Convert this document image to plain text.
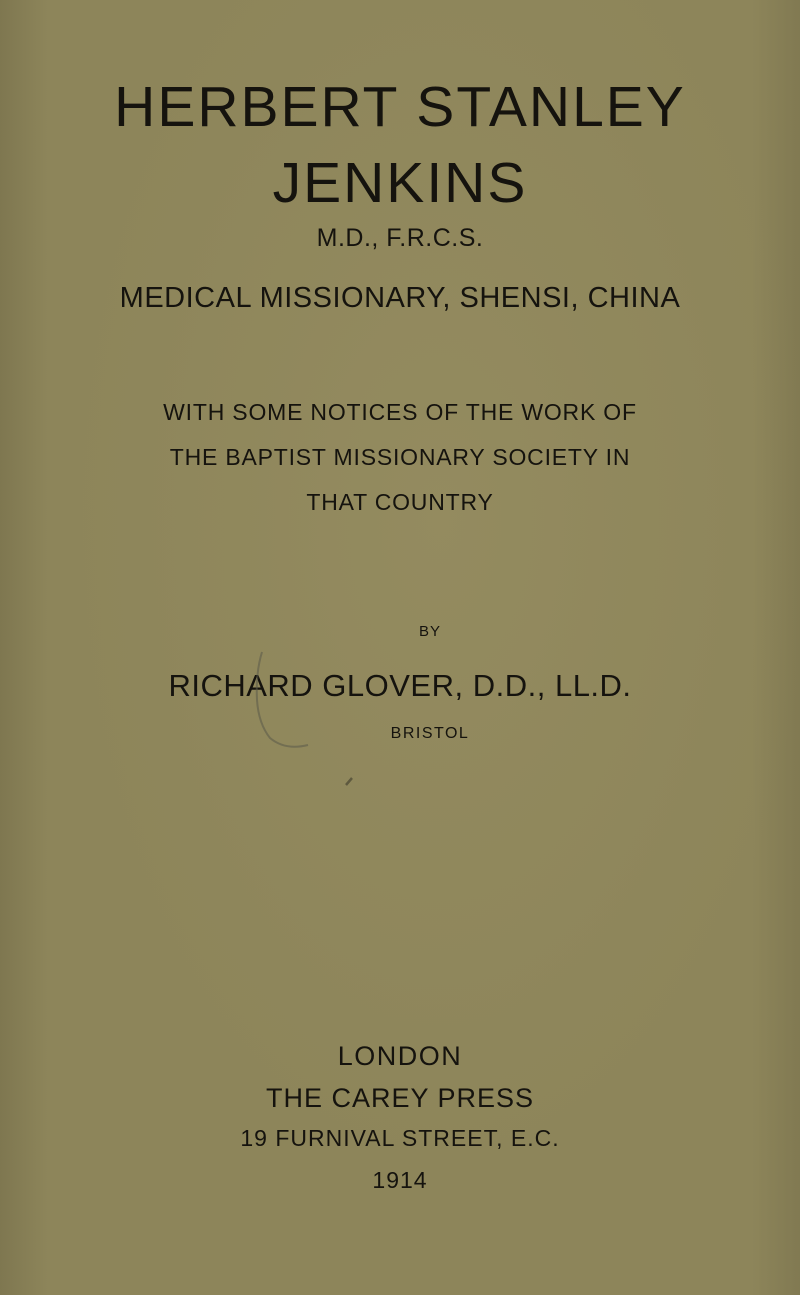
HERBERT STANLEY
JENKINS
M.D., F.R.C.S.
MEDICAL MISSIONARY, SHENSI, CHINA
WITH SOME NOTICES OF THE WORK OF
THE BAPTIST MISSIONARY SOCIETY IN
THAT COUNTRY
BY
RICHARD GLOVER, D.D., LL.D.
BRISTOL
LONDON
THE CAREY PRESS
19 FURNIVAL STREET, E.C.
1914
